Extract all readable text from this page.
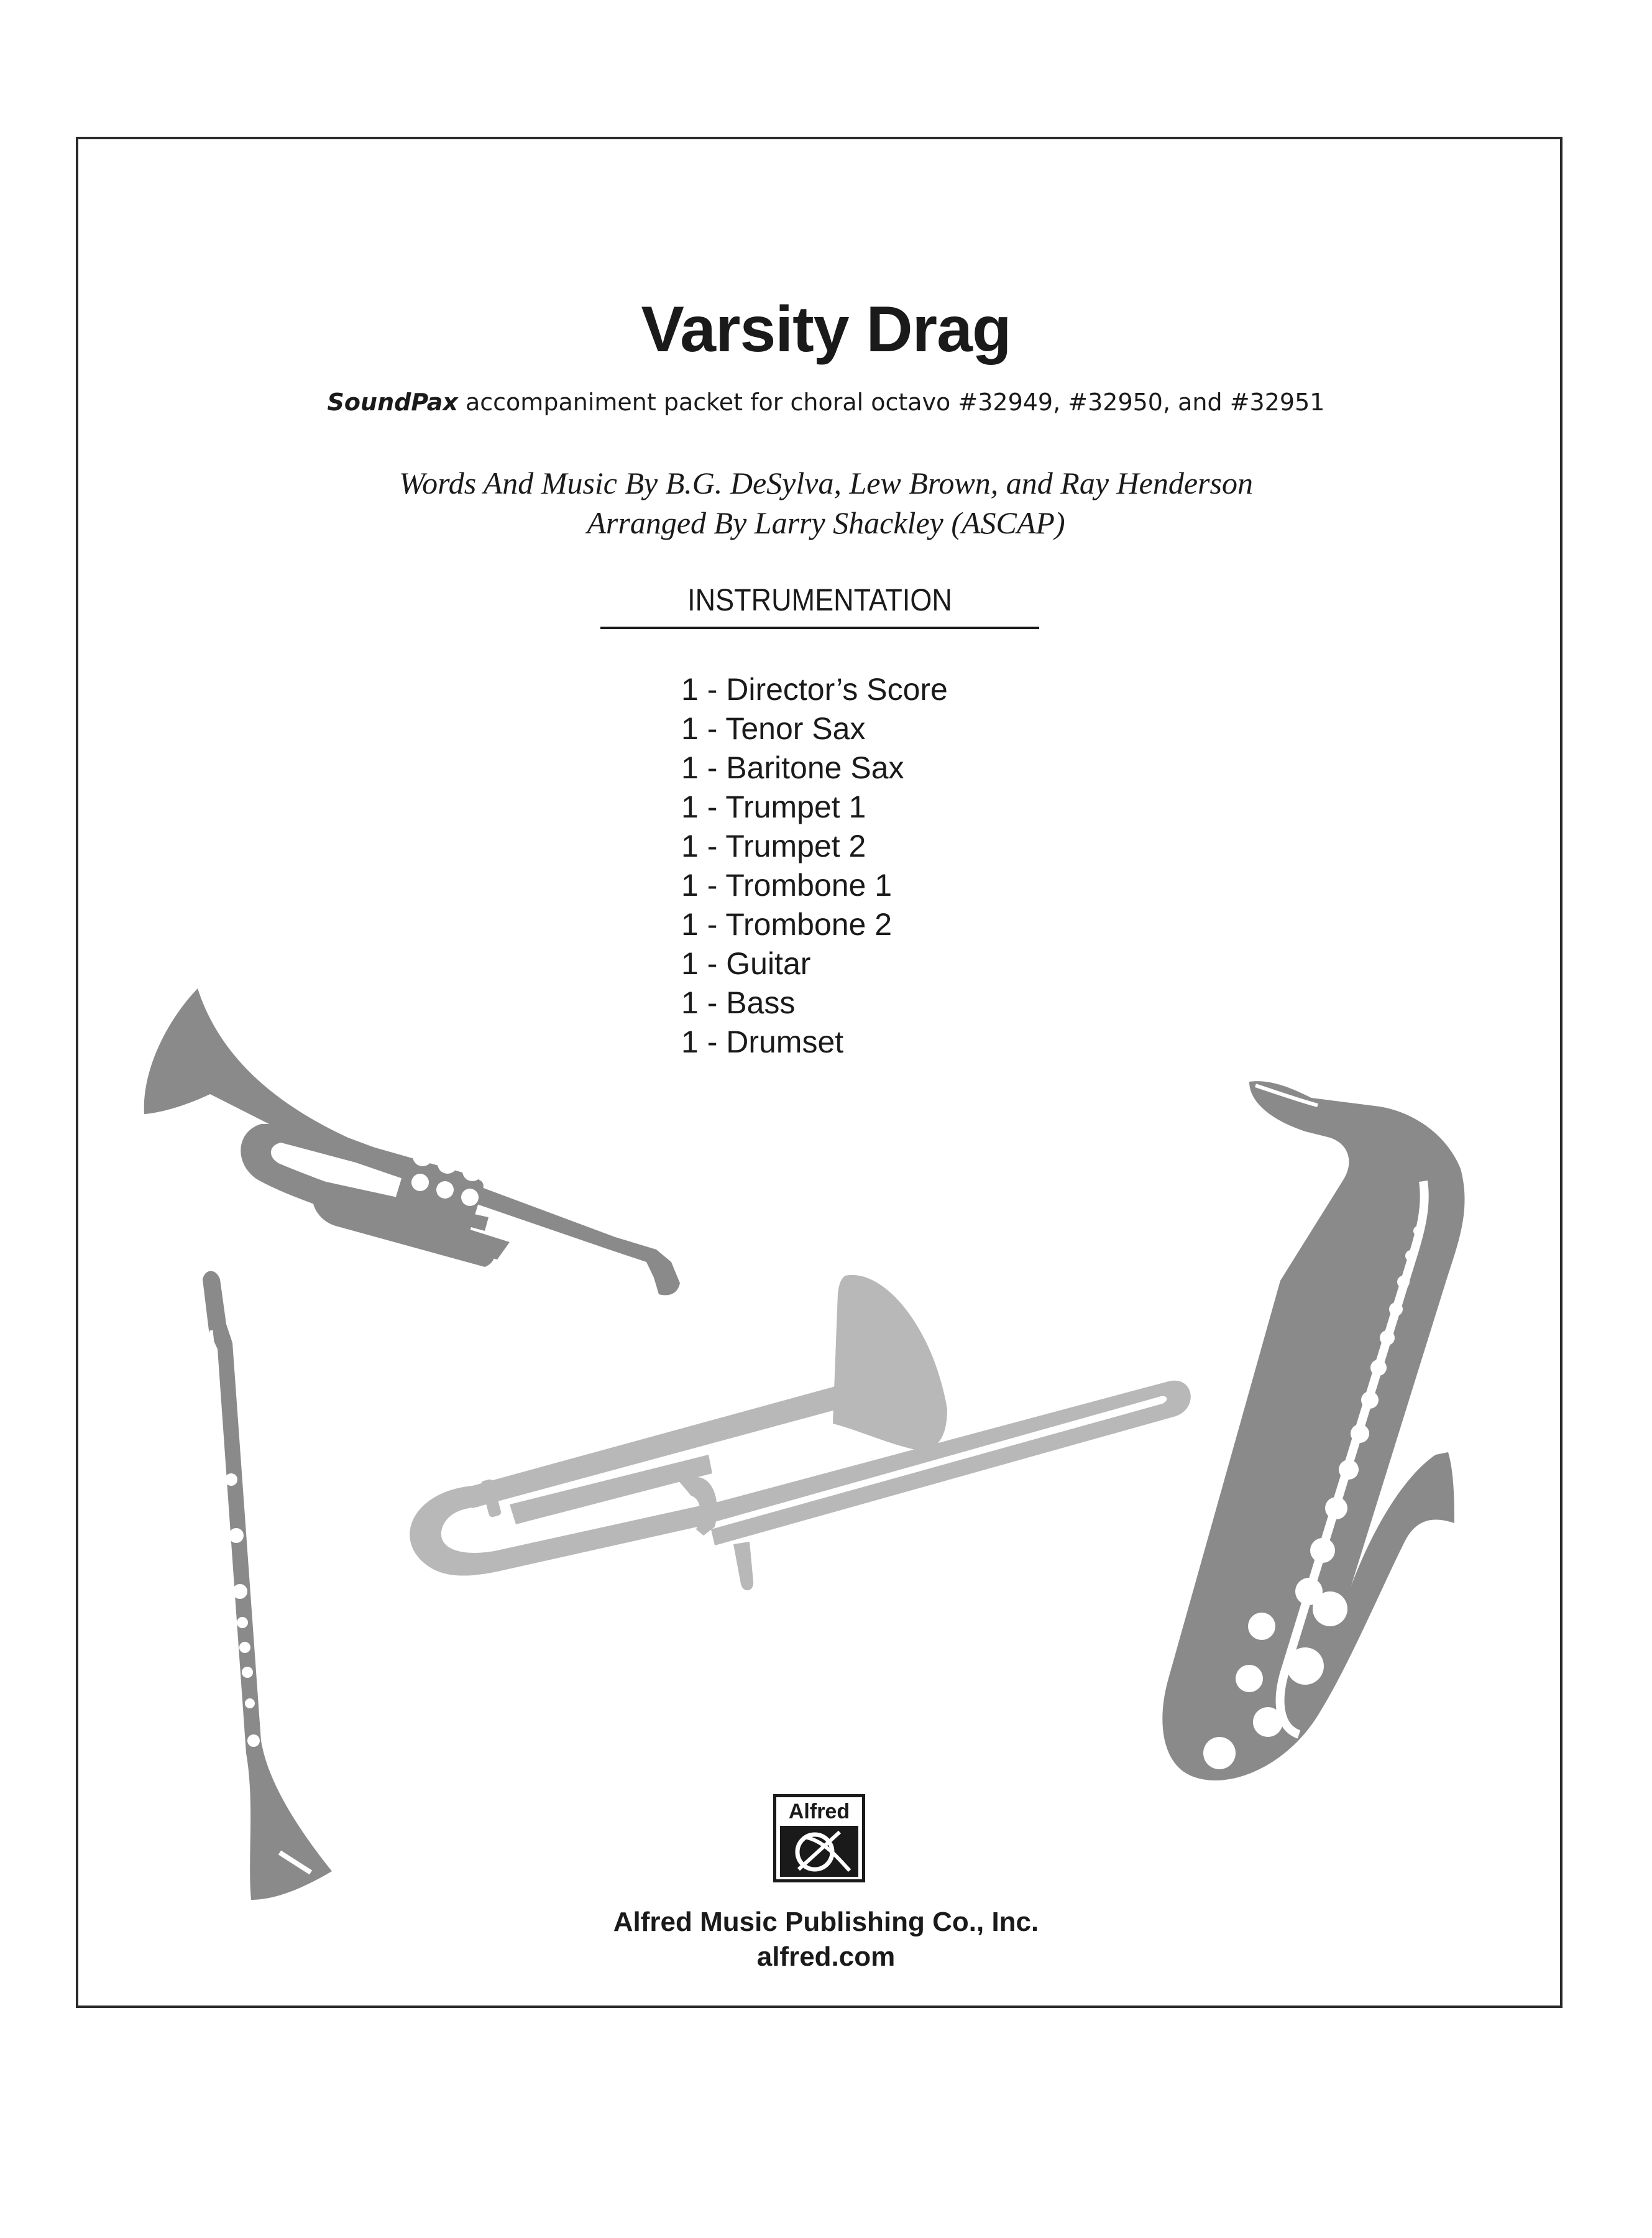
Varsity Drag
SoundPax accompaniment packet for choral octavo #32949, #32950, and #32951
Words And Music By B.G. DeSylva, Lew Brown, and Ray Henderson
Arranged By Larry Shackley (ASCAP)
INSTRUMENTATION
1 - Director’s Score
1 - Tenor Sax
1 - Baritone Sax
1 - Trumpet 1
1 - Trumpet 2
1 - Trombone 1
1 - Trombone 2
1 - Guitar
1 - Bass
1 - Drumset
Alfred
Alfred Music Publishing Co., Inc.
alfred.com
